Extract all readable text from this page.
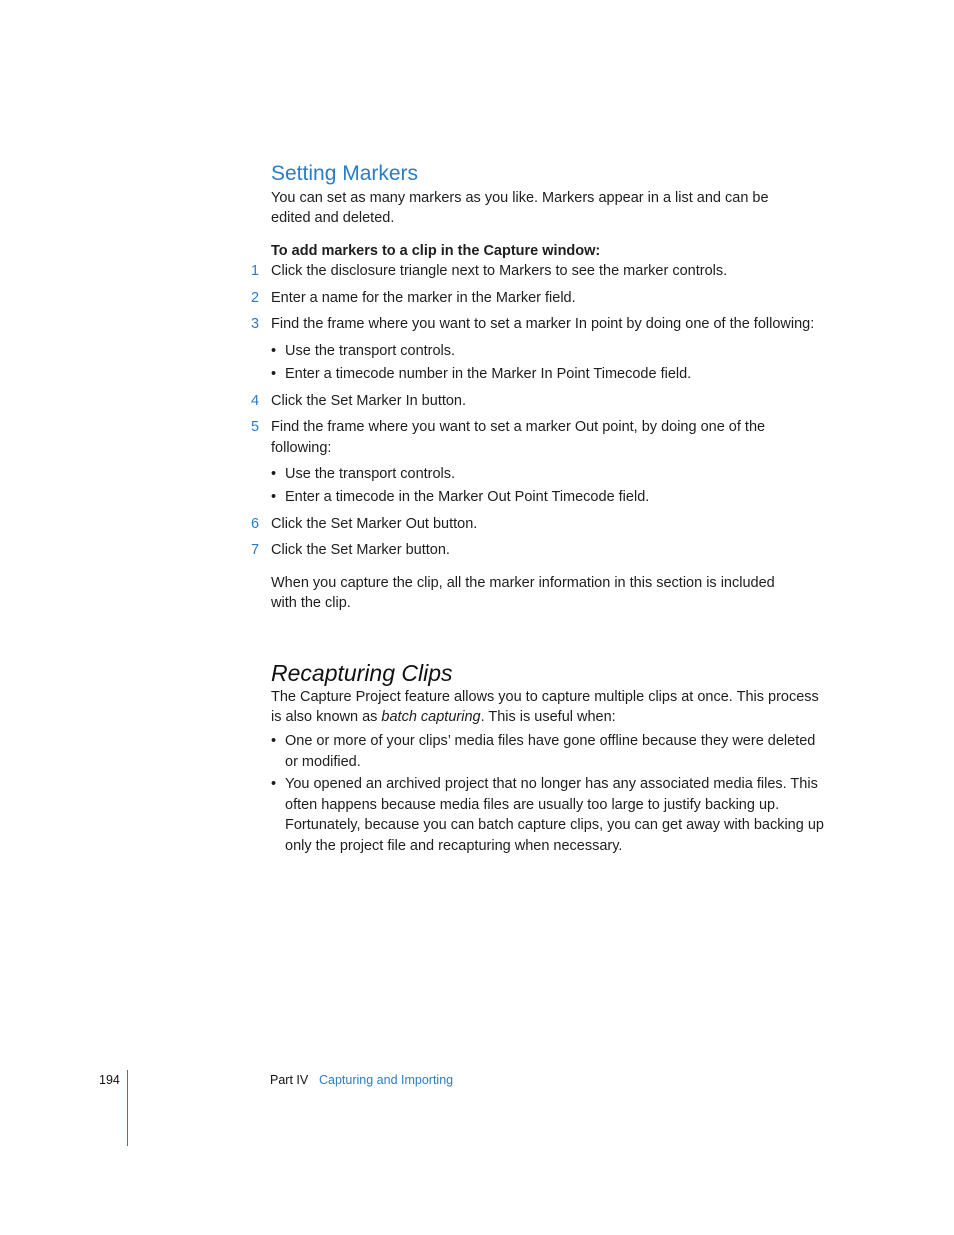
Setting Markers
You can set as many markers as you like. Markers appear in a list and can be edited and deleted.
To add markers to a clip in the Capture window:
1 Click the disclosure triangle next to Markers to see the marker controls.
2 Enter a name for the marker in the Marker field.
3 Find the frame where you want to set a marker In point by doing one of the following:
• Use the transport controls.
• Enter a timecode number in the Marker In Point Timecode field.
4 Click the Set Marker In button.
5 Find the frame where you want to set a marker Out point, by doing one of the following:
• Use the transport controls.
• Enter a timecode in the Marker Out Point Timecode field.
6 Click the Set Marker Out button.
7 Click the Set Marker button.
When you capture the clip, all the marker information in this section is included with the clip.
Recapturing Clips
The Capture Project feature allows you to capture multiple clips at once. This process is also known as batch capturing. This is useful when:
• One or more of your clips’ media files have gone offline because they were deleted or modified.
• You opened an archived project that no longer has any associated media files. This often happens because media files are usually too large to justify backing up. Fortunately, because you can batch capture clips, you can get away with backing up only the project file and recapturing when necessary.
194	Part IV Capturing and Importing
